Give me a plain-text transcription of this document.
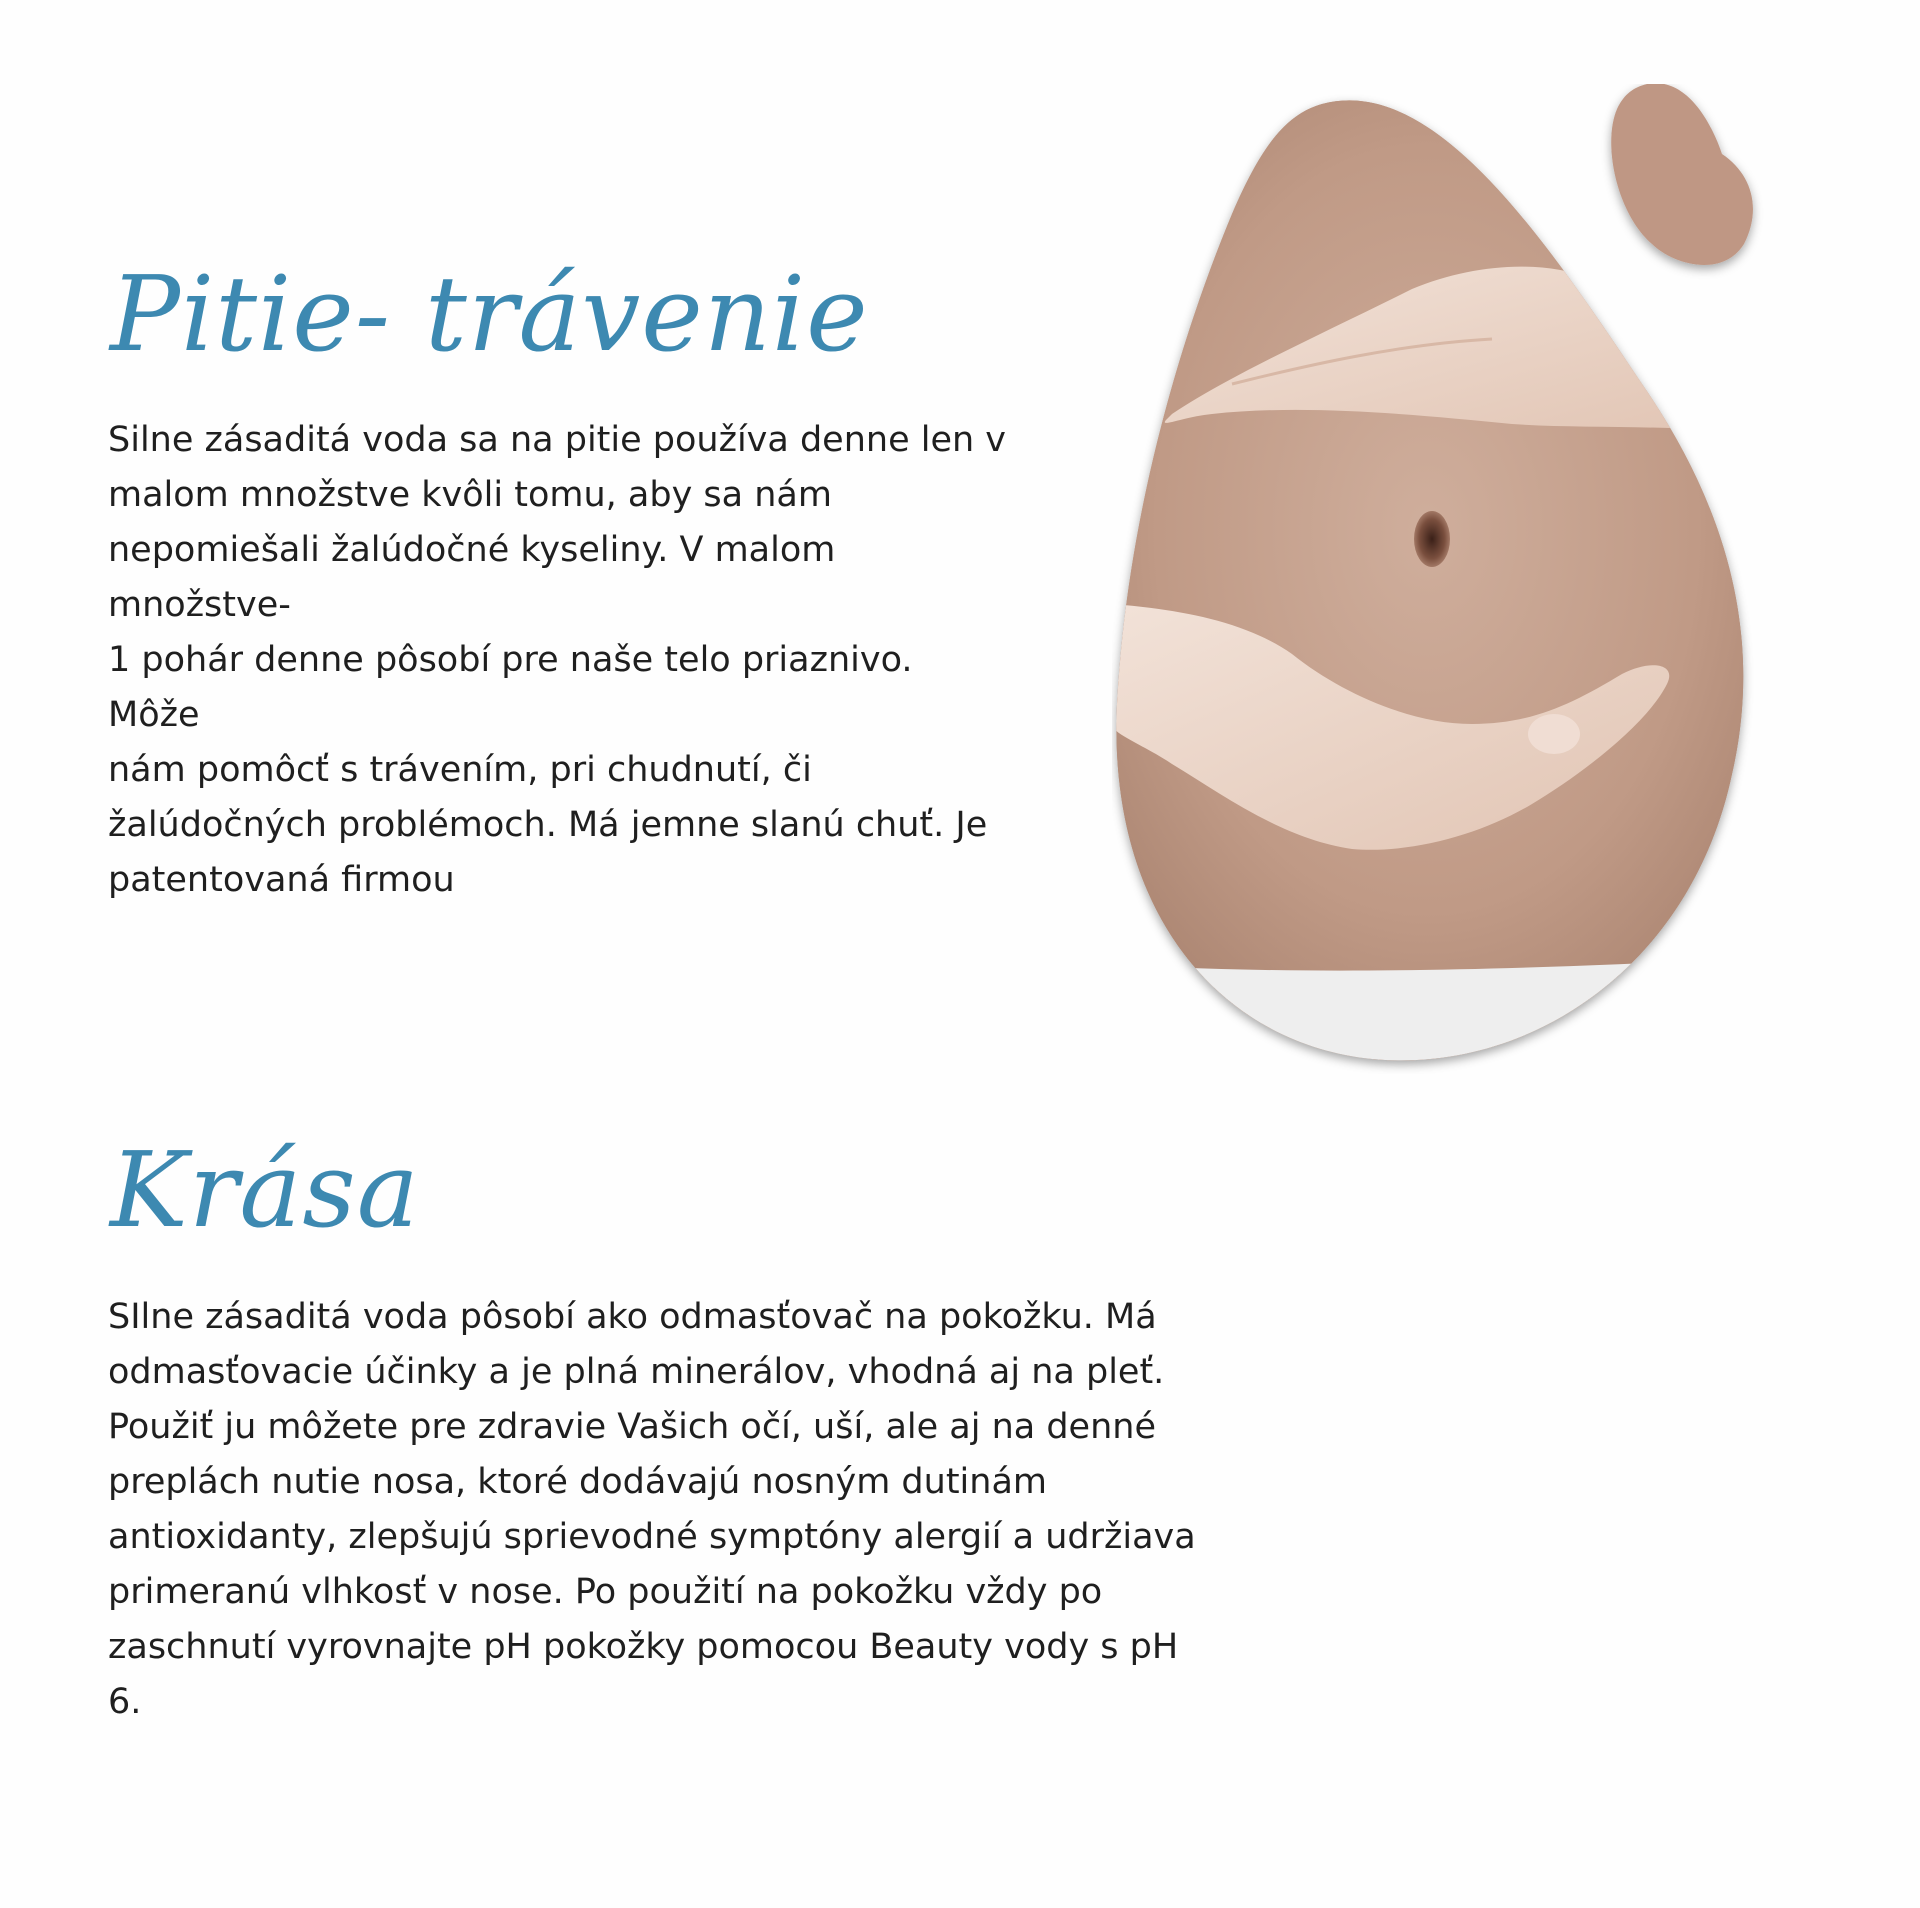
Pitie- trávenie

Silne zásaditá voda sa na pitie používa denne len v
malom množstve kvôli tomu, aby sa nám
nepomiešali žalúdočné kyseliny. V malom množstve-
1 pohár denne pôsobí pre naše telo priaznivo. Môže
nám pomôcť s trávením, pri chudnutí, či
žalúdočných problémoch. Má jemne slanú chuť. Je
patentovaná firmou

Krása

SIlne zásaditá voda pôsobí ako odmasťovač na pokožku. Má
odmasťovacie účinky a je plná minerálov, vhodná aj na pleť.
Použiť ju môžete pre zdravie Vašich očí, uší, ale aj na denné
preplách nutie nosa, ktoré dodávajú nosným dutinám
antioxidanty, zlepšujú sprievodné symptóny alergií a udržiava
primeranú vlhkosť v nose. Po použití na pokožku vždy po
zaschnutí vyrovnajte pH pokožky pomocou Beauty vody s pH 6.
